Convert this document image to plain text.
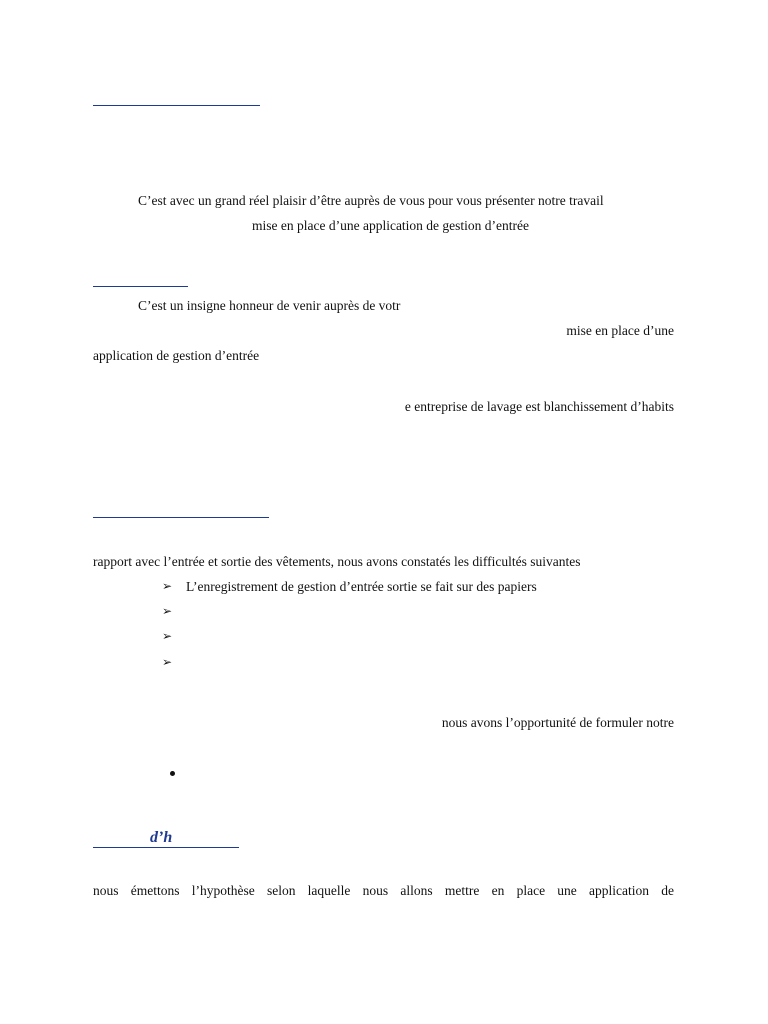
C’est avec un grand réel plaisir d’être auprès de vous pour vous présenter notre travail
mise en place d’une application de gestion d’entrée
C’est un insigne honneur de venir auprès de votr
mise en place d’une
application de gestion d’entrée
e entreprise de lavage est blanchissement d’habits
rapport avec l’entrée et sortie des vêtements, nous avons constatés les difficultés suivantes
➢ L’enregistrement de gestion d’entrée sortie se fait sur des papiers
➢
➢
➢
nous avons l’opportunité de formuler notre
d’h
nous émettons l’hypothèse selon laquelle nous allons mettre en place une application de
